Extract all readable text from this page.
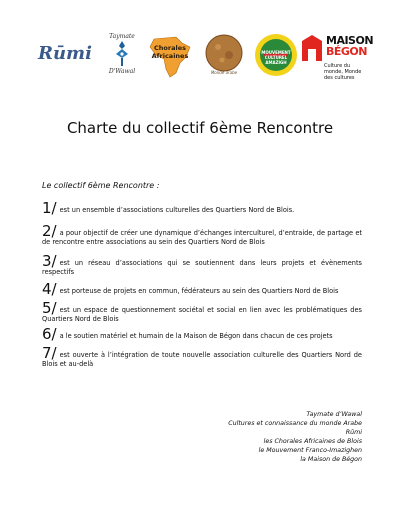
Rūmi
Taymate
D'Wawal
Chorales Africaines
Monde arabe
MOUVEMENT CULTUREL AMAZIGH
MAISON
BÉGON
Culture du monde, Monde des cultures
Charte du collectif 6ème Rencontre
Le collectif 6ème Rencontre :
1/ est un ensemble d’associations culturelles des Quartiers Nord de Blois.
2/ a pour objectif de créer une dynamique d’échanges interculturel, d’entraide, de partage et de rencontre entre associations au sein des Quartiers Nord de Blois
3/ est un réseau d’associations qui se soutiennent dans leurs projets et évènements respectifs
4/ est porteuse de projets en commun, fédérateurs au sein des Quartiers Nord de Blois
5/ est un espace de questionnement sociétal et social en lien avec les problématiques des Quartiers Nord de Blois
6/ a le soutien matériel et humain de la Maison de Bégon dans chacun de ces projets
7/ est ouverte à l’intégration de toute nouvelle association culturelle des Quartiers Nord de Blois et au-delà
Taymate d’Wawal
Cultures et connaissance du monde Arabe
Rūmi
les Chorales Africaines de Blois
le Mouvement Franco-Imazighen
la Maison de Bégon
